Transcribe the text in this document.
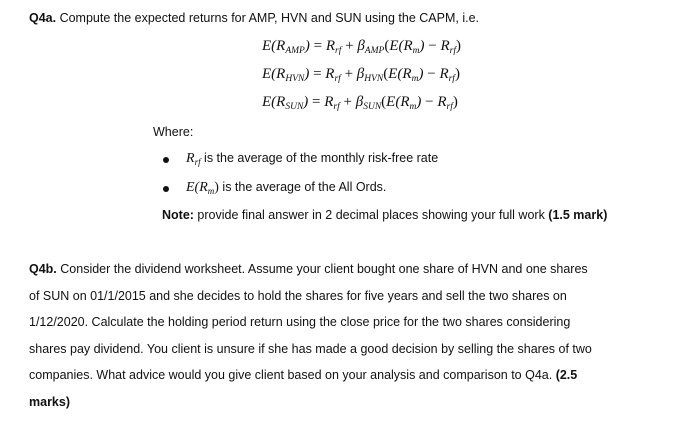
Q4a. Compute the expected returns for AMP, HVN and SUN using the CAPM, i.e.
$E(R_{AMP}) = R_{rf} + \beta_{AMP}(E(R_m) - R_{rf})$
$E(R_{HVN}) = R_{rf} + \beta_{HVN}(E(R_m) - R_{rf})$
$E(R_{SUN}) = R_{rf} + \beta_{SUN}(E(R_m) - R_{rf})$
Where:
$R_{rf}$ is the average of the monthly risk-free rate
$E(R_m)$ is the average of the All Ords.
Note: provide final answer in 2 decimal places showing your full work (1.5 mark)
Q4b. Consider the dividend worksheet. Assume your client bought one share of HVN and one shares
of SUN on 01/1/2015 and she decides to hold the shares for five years and sell the two shares on
1/12/2020. Calculate the holding period return using the close price for the two shares considering
shares pay dividend. You client is unsure if she has made a good decision by selling the shares of two
companies. What advice would you give client based on your analysis and comparison to Q4a. (2.5
marks)
